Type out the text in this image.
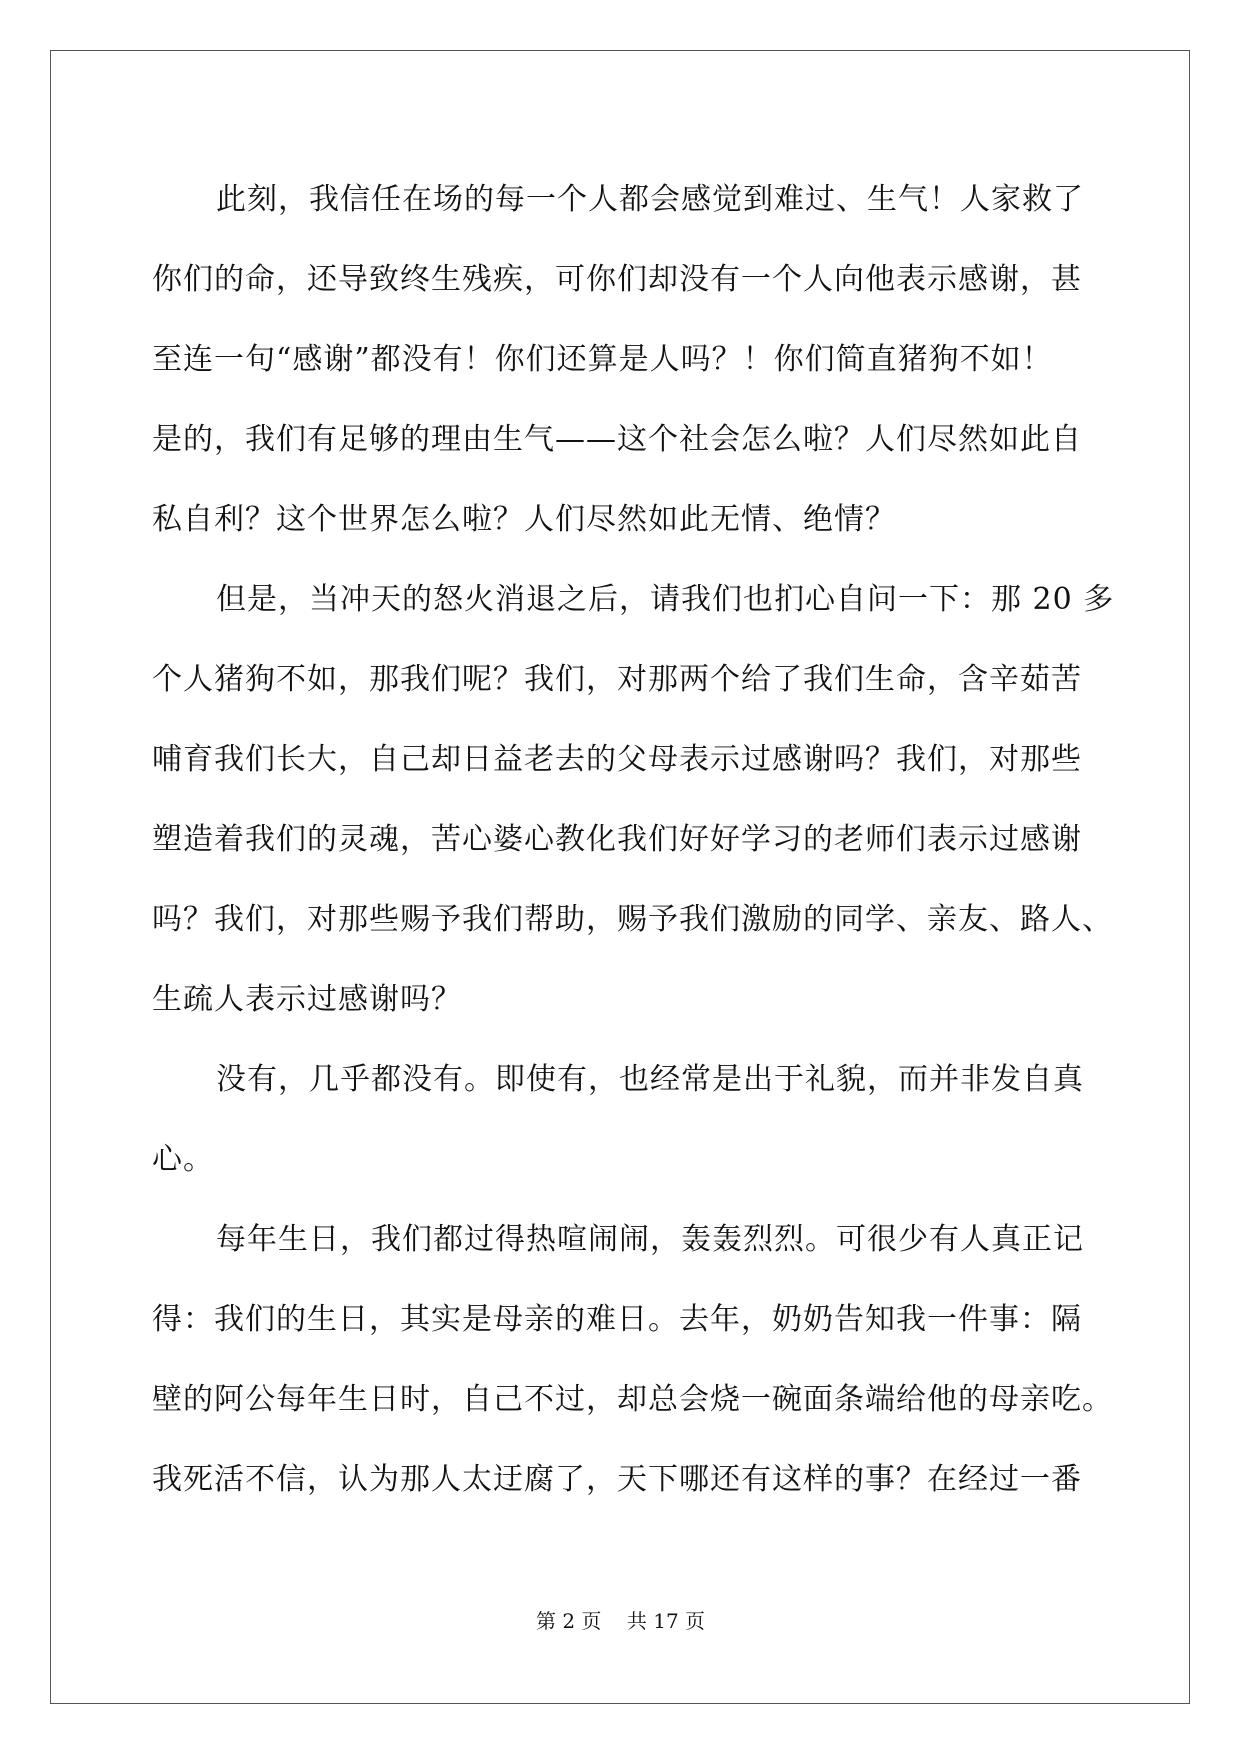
此刻，我信任在场的每一个人都会感觉到难过、生气！人家救了
你们的命，还导致终生残疾，可你们却没有一个人向他表示感谢，甚
至连一句“感谢”都没有！你们还算是人吗？！你们简直猪狗不如！
是的，我们有足够的理由生气——这个社会怎么啦？人们尽然如此自
私自利？这个世界怎么啦？人们尽然如此无情、绝情？
但是，当冲天的怒火消退之后，请我们也扪心自问一下：那 20 多
个人猪狗不如，那我们呢？我们，对那两个给了我们生命，含辛茹苦
哺育我们长大，自己却日益老去的父母表示过感谢吗？我们，对那些
塑造着我们的灵魂，苦心婆心教化我们好好学习的老师们表示过感谢
吗？我们，对那些赐予我们帮助，赐予我们激励的同学、亲友、路人、
生疏人表示过感谢吗？
没有，几乎都没有。即使有，也经常是出于礼貌，而并非发自真
心。
每年生日，我们都过得热喧闹闹，轰轰烈烈。可很少有人真正记
得：我们的生日，其实是母亲的难日。去年，奶奶告知我一件事：隔
壁的阿公每年生日时，自己不过，却总会烧一碗面条端给他的母亲吃。
我死活不信，认为那人太迂腐了，天下哪还有这样的事？在经过一番
第 2 页 共 17 页
